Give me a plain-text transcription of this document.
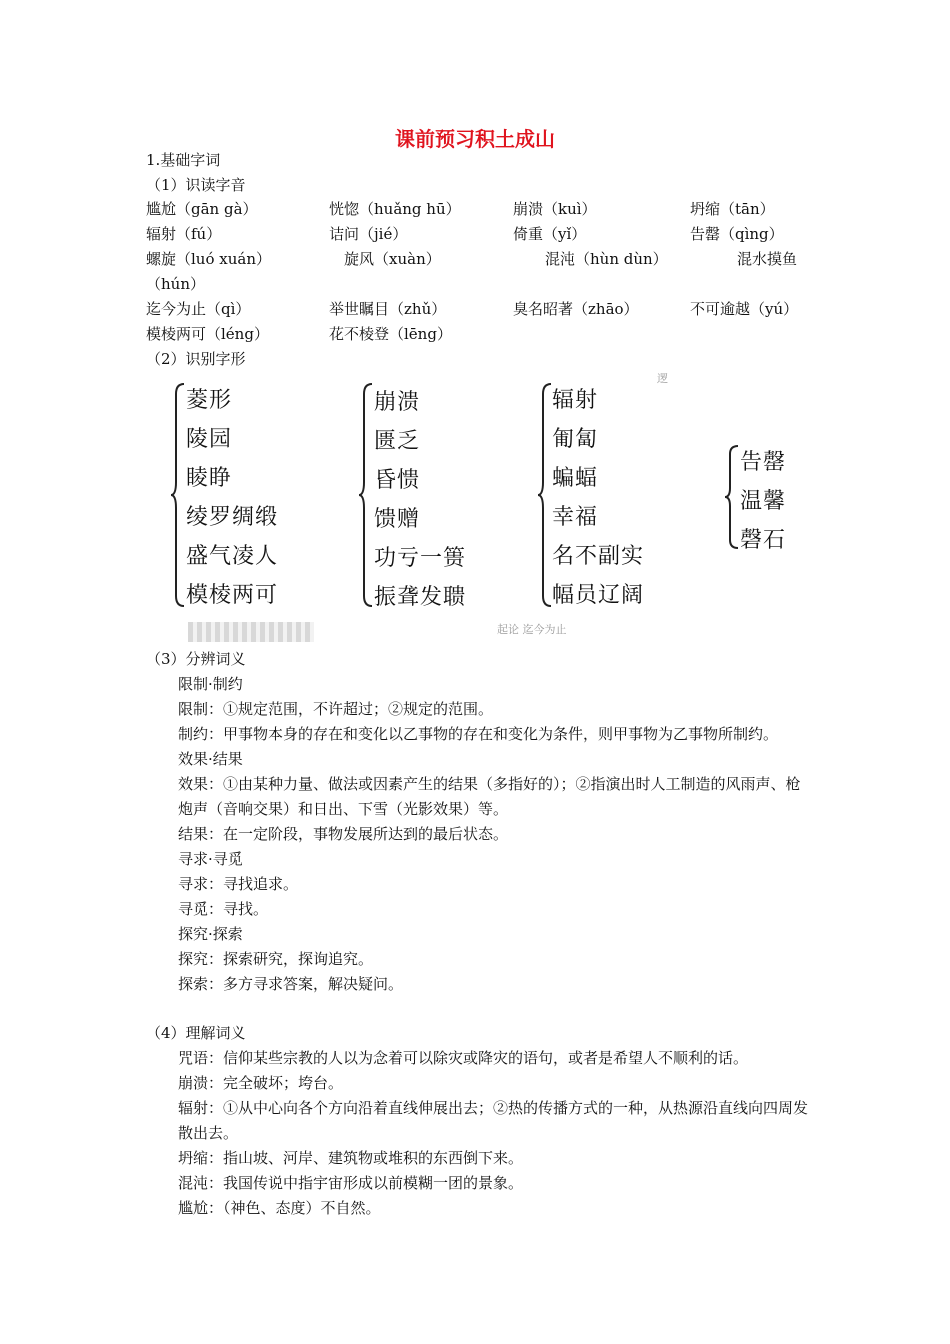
课前预习积土成山
1.基础字词
（1）识读字音
尴尬（gān gà）	恍惚（huǎng hū）	崩溃（kuì）	坍缩（tān）
辐射（fú）	诘问（jié）	倚重（yǐ）	告罄（qìng）
螺旋（luó xuán）	旋风（xuàn）	混沌（hùn dùn）	混水摸鱼
（hún）
迄今为止（qì）	举世瞩目（zhǔ）	臭名昭著（zhāo）	不可逾越（yú）
模棱两可（léng）	花不棱登（lēng）
（2）识别字形
菱形
陵园
睖睁
绫罗绸缎
盛气凌人
模棱两可
崩溃
匮乏
昏愦
馈赠
功亏一篑
振聋发聩
辐射
匍匐
蝙蝠
幸福
名不副实
幅员辽阔
告罄
温馨
磬石
逻
起论 迄今为止
（3）分辨词义
限制·制约
限制：①规定范围，不许超过；②规定的范围。
制约：甲事物本身的存在和变化以乙事物的存在和变化为条件，则甲事物为乙事物所制约。
效果·结果
效果：①由某种力量、做法或因素产生的结果（多指好的）；②指演出时人工制造的风雨声、枪炮声（音响交果）和日出、下雪（光影效果）等。
结果：在一定阶段，事物发展所达到的最后状态。
寻求·寻觅
寻求：寻找追求。
寻觅：寻找。
探究·探索
探究：探索研究，探询追究。
探索：多方寻求答案，解决疑问。
（4）理解词义
咒语：信仰某些宗教的人以为念着可以除灾或降灾的语句，或者是希望人不顺利的话。
崩溃：完全破坏；垮台。
辐射：①从中心向各个方向沿着直线伸展出去；②热的传播方式的一种，从热源沿直线向四周发散出去。
坍缩：指山坡、河岸、建筑物或堆积的东西倒下来。
混沌：我国传说中指宇宙形成以前模糊一团的景象。
尴尬：（神色、态度）不自然。
